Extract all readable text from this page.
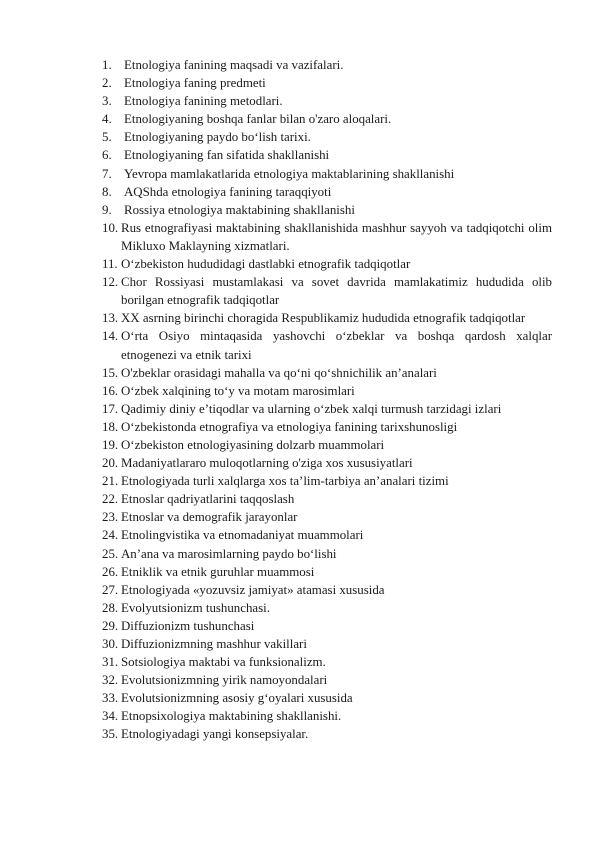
1. Etnologiya fanining maqsadi va vazifalari.
2. Etnologiya faning predmeti
3. Etnologiya fanining metodlari.
4. Etnologiyaning boshqa fanlar bilan o'zaro aloqalari.
5. Etnologiyaning paydo bo‘lish tarixi.
6. Etnologiyaning fan sifatida shakllanishi
7. Yevropa mamlakatlarida etnologiya maktablarining shakllanishi
8. AQShda etnologiya fanining taraqqiyoti
9. Rossiya etnologiya maktabining shakllanishi
10. Rus etnografiyasi maktabining shakllanishida mashhur sayyoh va tadqiqotchi olim Mikluxo Maklayning xizmatlari.
11. O‘zbekiston hududidagi dastlabki etnografik tadqiqotlar
12. Chor Rossiyasi mustamlakasi va sovet davrida mamlakatimiz hududida olib borilgan etnografik tadqiqotlar
13. XX asrning birinchi choragida Respublikamiz hududida etnografik tadqiqotlar
14. O‘rta Osiyo mintaqasida yashovchi o‘zbeklar va boshqa qardosh xalqlar etnogenezi va etnik tarixi
15. O'zbeklar orasidagi mahalla va qo‘ni qo‘shnichilik an’analari
16. O‘zbek xalqining to‘y va motam marosimlari
17. Qadimiy diniy e’tiqodlar va ularning o‘zbek xalqi turmush tarzidagi izlari
18. O‘zbekistonda etnografiya va etnologiya fanining tarixshunosligi
19. O‘zbekiston etnologiyasining dolzarb muammolari
20. Madaniyatlararo muloqotlarning o'ziga xos xususiyatlari
21. Etnologiyada turli xalqlarga xos ta’lim-tarbiya an’analari tizimi
22. Etnoslar qadriyatlarini taqqoslash
23. Etnoslar va demografik jarayonlar
24. Etnolingvistika va etnomadaniyat muammolari
25. An’ana va marosimlarning paydo bo‘lishi
26. Etniklik va etnik guruhlar muammosi
27. Etnologiyada «yozuvsiz jamiyat» atamasi xususida
28. Evolyutsionizm tushunchasi.
29. Diffuzionizm tushunchasi
30. Diffuzionizmning mashhur vakillari
31. Sotsiologiya maktabi va funksionalizm.
32. Evolutsionizmning yirik namoyondalari
33. Evolutsionizmning asosiy g‘oyalari xususida
34. Etnopsixologiya maktabining shakllanishi.
35. Etnologiyadagi yangi konsepsiyalar.
